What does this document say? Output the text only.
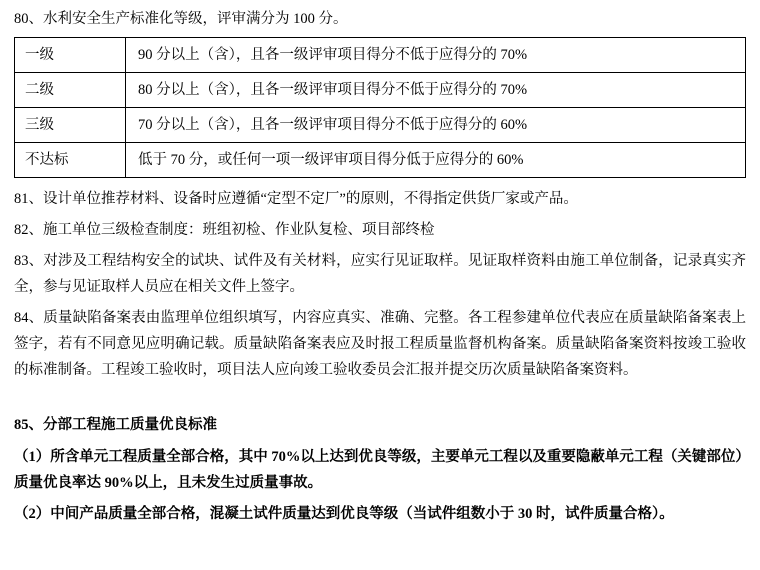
80、水利安全生产标准化等级，评审满分为 100 分。

一级	90 分以上（含），且各一级评审项目得分不低于应得分的 70%
二级	80 分以上（含），且各一级评审项目得分不低于应得分的 70%
三级	70 分以上（含），且各一级评审项目得分不低于应得分的 60%
不达标	低于 70 分，或任何一项一级评审项目得分低于应得分的 60%

81、设计单位推荐材料、设备时应遵循“定型不定厂”的原则，不得指定供货厂家或产品。

82、施工单位三级检查制度：班组初检、作业队复检、项目部终检

83、对涉及工程结构安全的试块、试件及有关材料，应实行见证取样。见证取样资料由施工单位制备，记录真实齐全，参与见证取样人员应在相关文件上签字。

84、质量缺陷备案表由监理单位组织填写，内容应真实、准确、完整。各工程参建单位代表应在质量缺陷备案表上签字，若有不同意见应明确记载。质量缺陷备案表应及时报工程质量监督机构备案。质量缺陷备案资料按竣工验收的标准制备。工程竣工验收时，项目法人应向竣工验收委员会汇报并提交历次质量缺陷备案资料。

85、分部工程施工质量优良标准

（1）所含单元工程质量全部合格，其中 70%以上达到优良等级，主要单元工程以及重要隐蔽单元工程（关键部位）质量优良率达 90%以上，且未发生过质量事故。

（2）中间产品质量全部合格，混凝土试件质量达到优良等级（当试件组数小于 30 时，试件质量合格）。
